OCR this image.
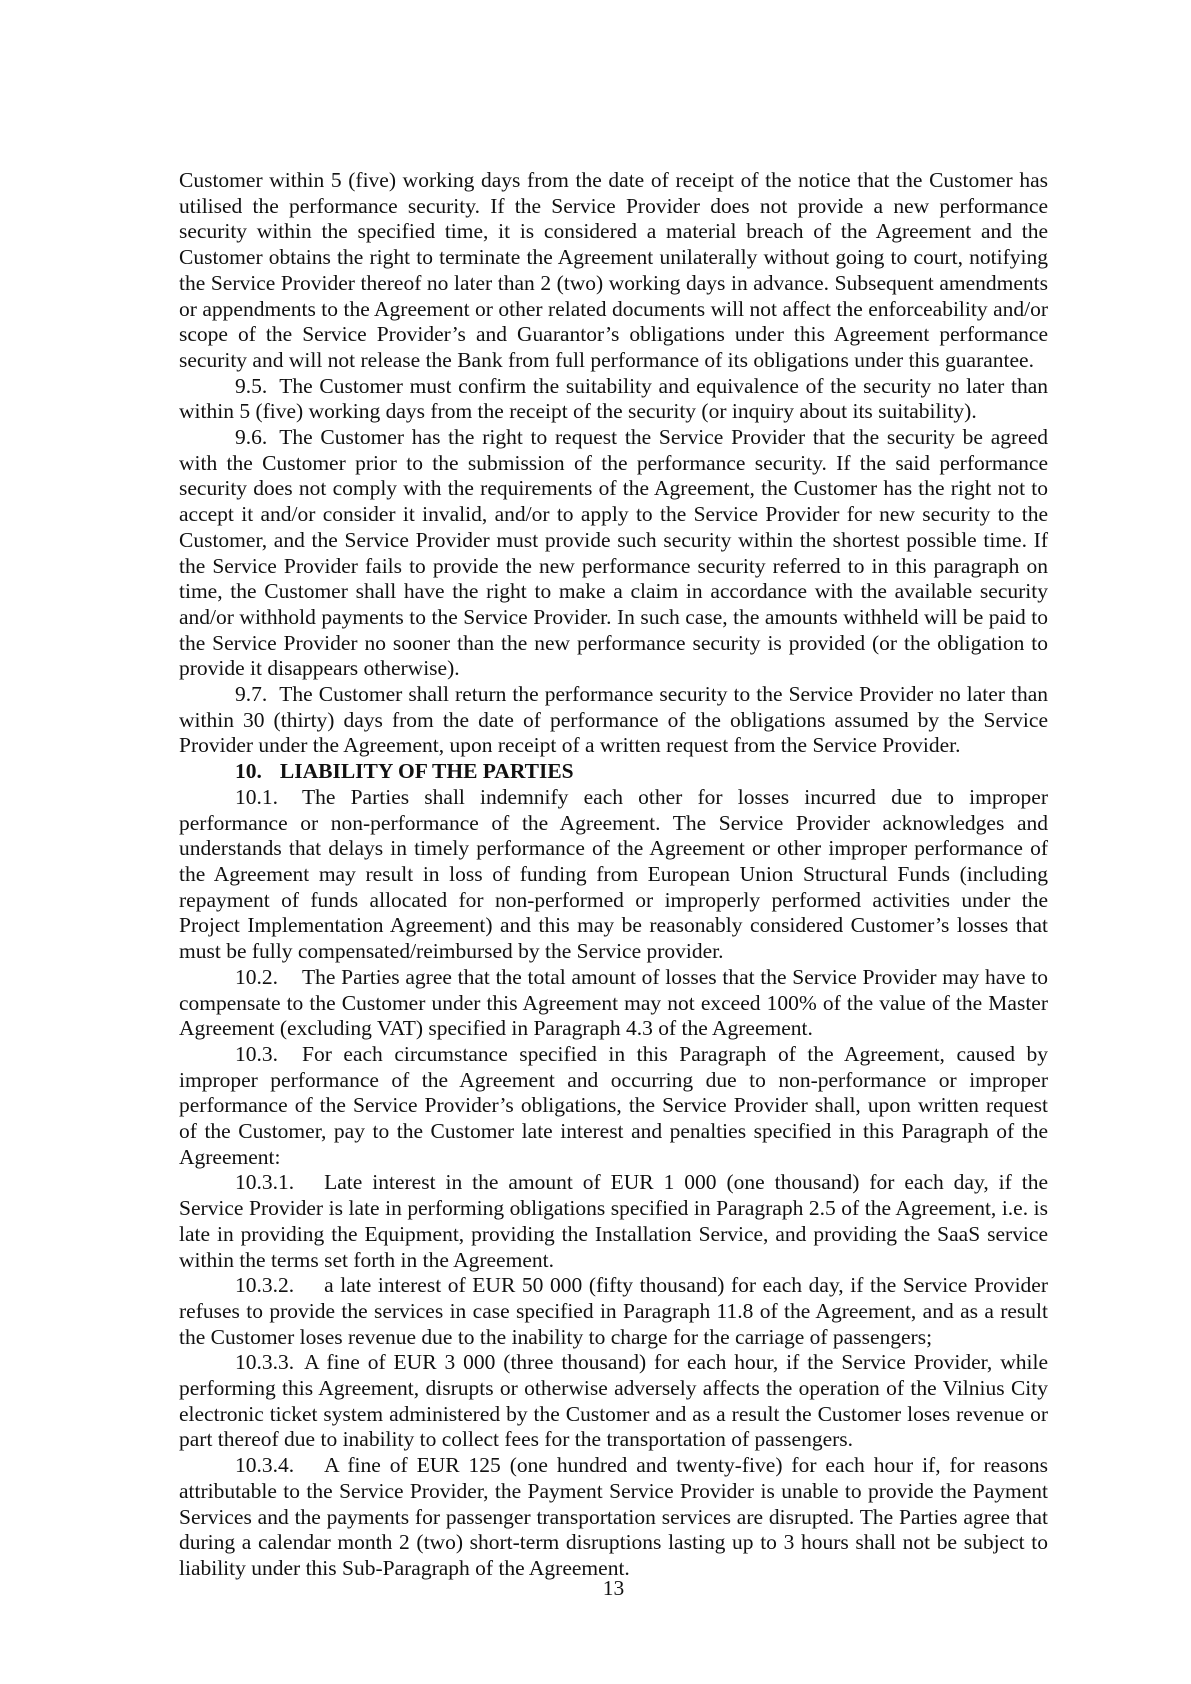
Customer within 5 (five) working days from the date of receipt of the notice that the Customer has utilised the performance security. If the Service Provider does not provide a new performance security within the specified time, it is considered a material breach of the Agreement and the Customer obtains the right to terminate the Agreement unilaterally without going to court, notifying the Service Provider thereof no later than 2 (two) working days in advance. Subsequent amendments or appendments to the Agreement or other related documents will not affect the enforceability and/or scope of the Service Provider’s and Guarantor’s obligations under this Agreement performance security and will not release the Bank from full performance of its obligations under this guarantee.

9.5. The Customer must confirm the suitability and equivalence of the security no later than within 5 (five) working days from the receipt of the security (or inquiry about its suitability).

9.6. The Customer has the right to request the Service Provider that the security be agreed with the Customer prior to the submission of the performance security. If the said performance security does not comply with the requirements of the Agreement, the Customer has the right not to accept it and/or consider it invalid, and/or to apply to the Service Provider for new security to the Customer, and the Service Provider must provide such security within the shortest possible time. If the Service Provider fails to provide the new performance security referred to in this paragraph on time, the Customer shall have the right to make a claim in accordance with the available security and/or withhold payments to the Service Provider. In such case, the amounts withheld will be paid to the Service Provider no sooner than the new performance security is provided (or the obligation to provide it disappears otherwise).

9.7. The Customer shall return the performance security to the Service Provider no later than within 30 (thirty) days from the date of performance of the obligations assumed by the Service Provider under the Agreement, upon receipt of a written request from the Service Provider.

10. LIABILITY OF THE PARTIES

10.1. The Parties shall indemnify each other for losses incurred due to improper performance or non-performance of the Agreement. The Service Provider acknowledges and understands that delays in timely performance of the Agreement or other improper performance of the Agreement may result in loss of funding from European Union Structural Funds (including repayment of funds allocated for non-performed or improperly performed activities under the Project Implementation Agreement) and this may be reasonably considered Customer’s losses that must be fully compensated/reimbursed by the Service provider.

10.2. The Parties agree that the total amount of losses that the Service Provider may have to compensate to the Customer under this Agreement may not exceed 100% of the value of the Master Agreement (excluding VAT) specified in Paragraph 4.3 of the Agreement.

10.3. For each circumstance specified in this Paragraph of the Agreement, caused by improper performance of the Agreement and occurring due to non-performance or improper performance of the Service Provider’s obligations, the Service Provider shall, upon written request of the Customer, pay to the Customer late interest and penalties specified in this Paragraph of the Agreement:

10.3.1. Late interest in the amount of EUR 1 000 (one thousand) for each day, if the Service Provider is late in performing obligations specified in Paragraph 2.5 of the Agreement, i.e. is late in providing the Equipment, providing the Installation Service, and providing the SaaS service within the terms set forth in the Agreement.

10.3.2. a late interest of EUR 50 000 (fifty thousand) for each day, if the Service Provider refuses to provide the services in case specified in Paragraph 11.8 of the Agreement, and as a result the Customer loses revenue due to the inability to charge for the carriage of passengers;

10.3.3. A fine of EUR 3 000 (three thousand) for each hour, if the Service Provider, while performing this Agreement, disrupts or otherwise adversely affects the operation of the Vilnius City electronic ticket system administered by the Customer and as a result the Customer loses revenue or part thereof due to inability to collect fees for the transportation of passengers.

10.3.4. A fine of EUR 125 (one hundred and twenty-five) for each hour if, for reasons attributable to the Service Provider, the Payment Service Provider is unable to provide the Payment Services and the payments for passenger transportation services are disrupted. The Parties agree that during a calendar month 2 (two) short-term disruptions lasting up to 3 hours shall not be subject to liability under this Sub-Paragraph of the Agreement.

13
